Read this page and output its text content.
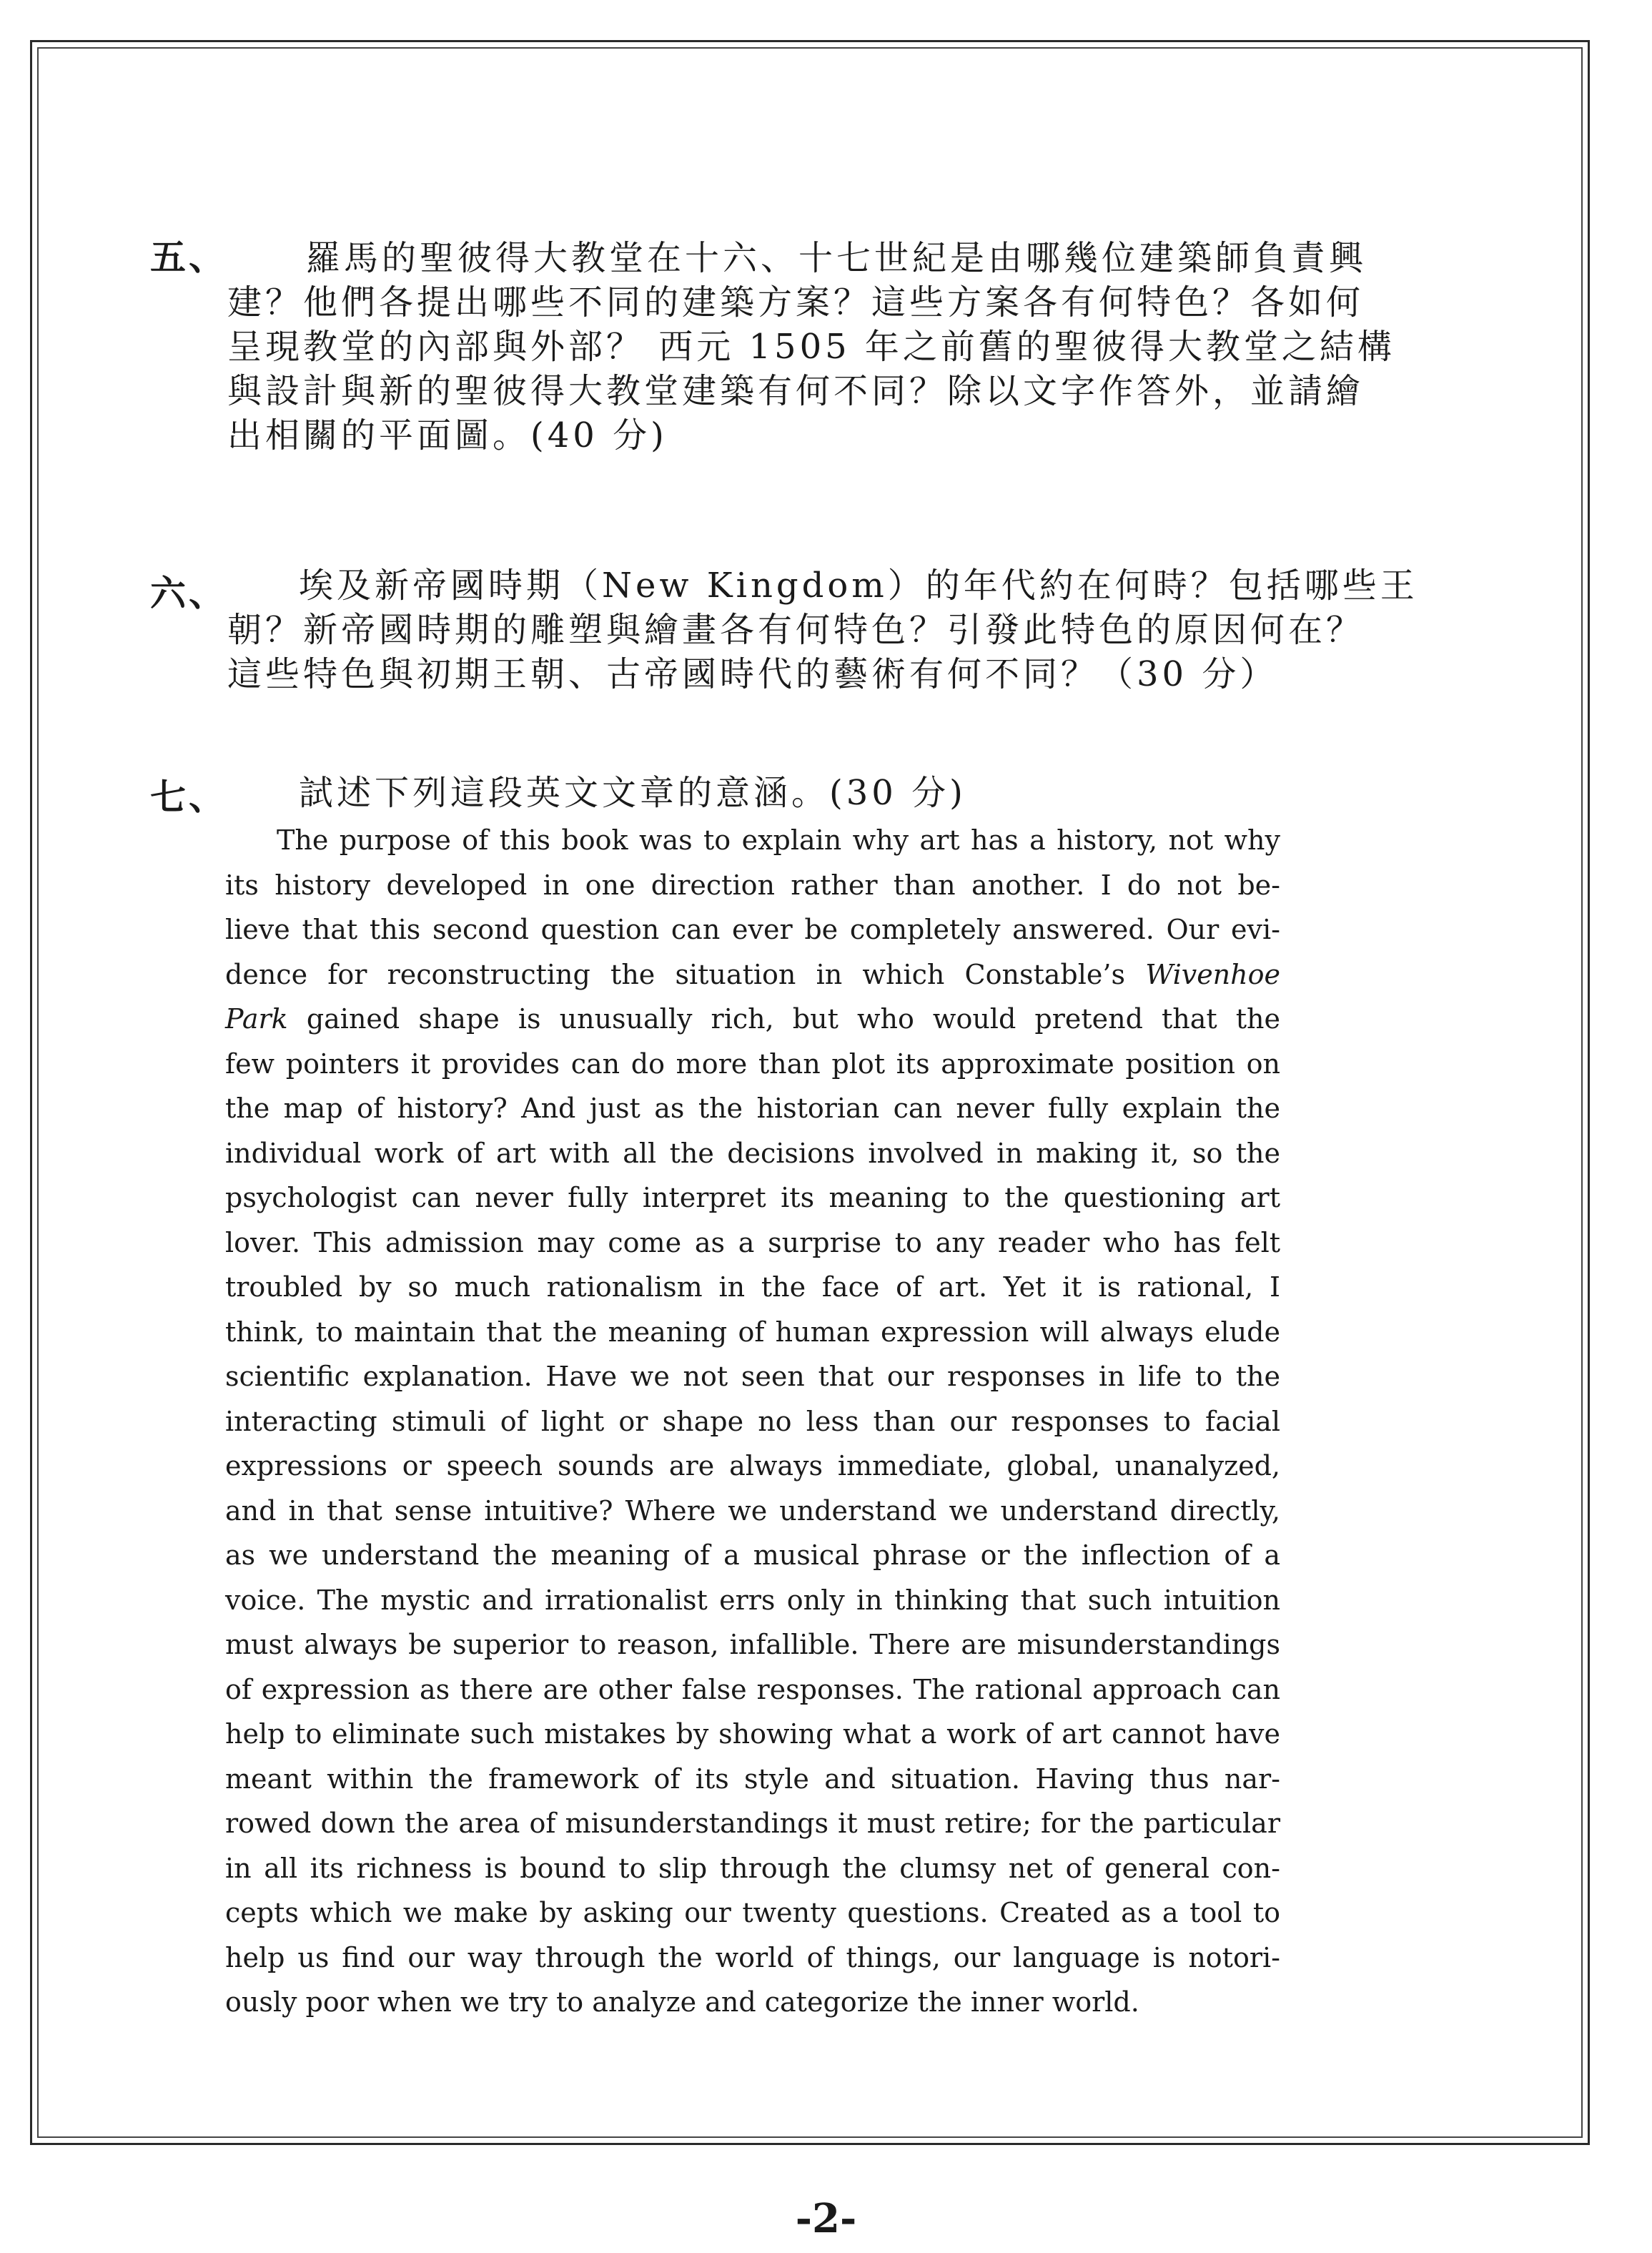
五、	羅馬的聖彼得大教堂在十六、十七世紀是由哪幾位建築師負責興
建？他們各提出哪些不同的建築方案？這些方案各有何特色？各如何
呈現教堂的內部與外部？ 西元 1505 年之前舊的聖彼得大教堂之結構
與設計與新的聖彼得大教堂建築有何不同？除以文字作答外，並請繪
出相關的平面圖。(40 分)
六、	埃及新帝國時期（New Kingdom）的年代約在何時？包括哪些王
朝？新帝國時期的雕塑與繪畫各有何特色？引發此特色的原因何在？
這些特色與初期王朝、古帝國時代的藝術有何不同？（30 分）
七、	試述下列這段英文文章的意涵。(30 分)
The purpose of this book was to explain why art has a history, not why
its history developed in one direction rather than another. I do not be-
lieve that this second question can ever be completely answered. Our evi-
dence for reconstructing the situation in which Constable’s Wivenhoe
Park gained shape is unusually rich, but who would pretend that the
few pointers it provides can do more than plot its approximate position on
the map of history? And just as the historian can never fully explain the
individual work of art with all the decisions involved in making it, so the
psychologist can never fully interpret its meaning to the questioning art
lover. This admission may come as a surprise to any reader who has felt
troubled by so much rationalism in the face of art. Yet it is rational, I
think, to maintain that the meaning of human expression will always elude
scientific explanation. Have we not seen that our responses in life to the
interacting stimuli of light or shape no less than our responses to facial
expressions or speech sounds are always immediate, global, unanalyzed,
and in that sense intuitive? Where we understand we understand directly,
as we understand the meaning of a musical phrase or the inflection of a
voice. The mystic and irrationalist errs only in thinking that such intuition
must always be superior to reason, infallible. There are misunderstandings
of expression as there are other false responses. The rational approach can
help to eliminate such mistakes by showing what a work of art cannot have
meant within the framework of its style and situation. Having thus nar-
rowed down the area of misunderstandings it must retire; for the particular
in all its richness is bound to slip through the clumsy net of general con-
cepts which we make by asking our twenty questions. Created as a tool to
help us find our way through the world of things, our language is notori-
ously poor when we try to analyze and categorize the inner world.
-2-
